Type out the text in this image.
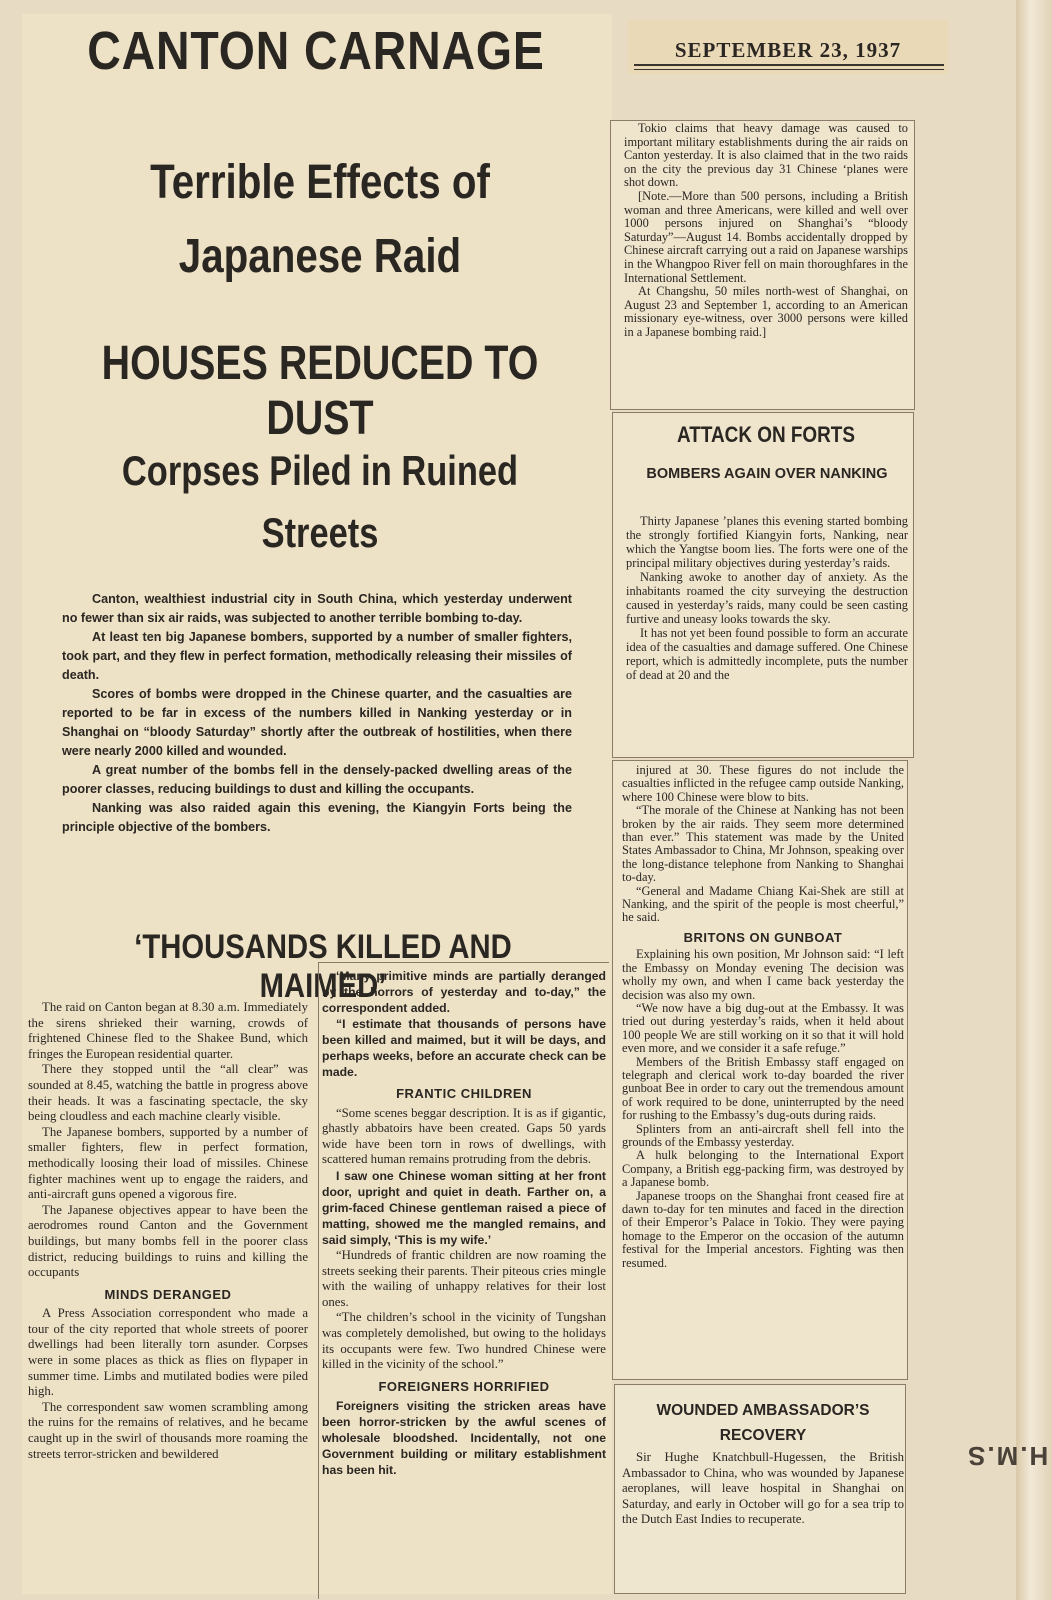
H.M.S
CANTON CARNAGE	SEPTEMBER 23, 1937
Terrible Effects of Japanese Raid
HOUSES REDUCED TO DUST
Corpses Piled in Ruined Streets

Canton, wealthiest industrial city in South China, which yesterday underwent no fewer than six air raids, was subjected to another terrible bombing to-day.

At least ten big Japanese bombers, supported by a number of smaller fighters, took part, and they flew in perfect formation, methodically releasing their missiles of death.

Scores of bombs were dropped in the Chinese quarter, and the casualties are reported to be far in excess of the numbers killed in Nanking yesterday or in Shanghai on “bloody Saturday” shortly after the outbreak of hostilities, when there were nearly 2000 killed and wounded.

A great number of the bombs fell in the densely-packed dwelling areas of the poorer classes, reducing buildings to dust and killing the occupants.

Nanking was also raided again this evening, the Kiangyin Forts being the principle objective of the bombers.

‘THOUSANDS KILLED AND MAIMED’

The raid on Canton began at 8.30 a.m. Immediately the sirens shrieked their warning, crowds of frightened Chinese fled to the Shakee Bund, which fringes the European residential quarter.

There they stopped until the “all clear” was sounded at 8.45, watching the battle in progress above their heads. It was a fascinating spectacle, the sky being cloudless and each machine clearly visible.

The Japanese bombers, supported by a number of smaller fighters, flew in perfect formation, methodically loosing their load of missiles. Chinese fighter machines went up to engage the raiders, and anti-aircraft guns opened a vigorous fire.

The Japanese objectives appear to have been the aerodromes round Canton and the Government buildings, but many bombs fell in the poorer class district, reducing buildings to ruins and killing the occupants

MINDS DERANGED

A Press Association correspondent who made a tour of the city reported that whole streets of poorer dwellings had been literally torn asunder. Corpses were in some places as thick as flies on flypaper in summer time. Limbs and mutilated bodies were piled high.

The correspondent saw women scrambling among the ruins for the remains of relatives, and he became caught up in the swirl of thousands more roaming the streets terror-stricken and bewildered

‘Many primitive minds are partially deranged by the horrors of yesterday and to-day,” the correspondent added.

“I estimate that thousands of persons have been killed and maimed, but it will be days, and perhaps weeks, before an accurate check can be made.

FRANTIC CHILDREN

“Some scenes beggar description. It is as if gigantic, ghastly abbatoirs have been created. Gaps 50 yards wide have been torn in rows of dwellings, with scattered human remains protruding from the debris.

I saw one Chinese woman sitting at her front door, upright and quiet in death. Farther on, a grim-faced Chinese gentleman raised a piece of matting, showed me the mangled remains, and said simply, ‘This is my wife.’

“Hundreds of frantic children are now roaming the streets seeking their parents. Their piteous cries mingle with the wailing of unhappy relatives for their lost ones.

“The children’s school in the vicinity of Tungshan was completely demolished, but owing to the holidays its occupants were few. Two hundred Chinese were killed in the vicinity of the school.”

FOREIGNERS HORRIFIED

Foreigners visiting the stricken areas have been horror-stricken by the awful scenes of wholesale bloodshed. Incidentally, not one Government building or military establishment has been hit.

Tokio claims that heavy damage was caused to important military establishments during the air raids on Canton yesterday. It is also claimed that in the two raids on the city the previous day 31 Chinese ‘planes were shot down.

[Note.—More than 500 persons, including a British woman and three Americans, were killed and well over 1000 persons injured on Shanghai’s “bloody Saturday”—August 14. Bombs accidentally dropped by Chinese aircraft carrying out a raid on Japanese warships in the Whangpoo River fell on main thoroughfares in the International Settlement.

At Changshu, 50 miles north-west of Shanghai, on August 23 and September 1, according to an American missionary eye-witness, over 3000 persons were killed in a Japanese bombing raid.]

ATTACK ON FORTS
BOMBERS AGAIN OVER NANKING

Thirty Japanese ’planes this evening started bombing the strongly fortified Kiangyin forts, Nanking, near which the Yangtse boom lies. The forts were one of the principal military objectives during yesterday’s raids.

Nanking awoke to another day of anxiety. As the inhabitants roamed the city surveying the destruction caused in yesterday’s raids, many could be seen casting furtive and uneasy looks towards the sky.

It has not yet been found possible to form an accurate idea of the casualties and damage suffered. One Chinese report, which is admittedly incomplete, puts the number of dead at 20 and the

injured at 30. These figures do not include the casualties inflicted in the refugee camp outside Nanking, where 100 Chinese were blow to bits.

“The morale of the Chinese at Nanking has not been broken by the air raids. They seem more determined than ever.” This statement was made by the United States Ambassador to China, Mr Johnson, speaking over the long-distance telephone from Nanking to Shanghai to-day.

“General and Madame Chiang Kai-Shek are still at Nanking, and the spirit of the people is most cheerful,” he said.

BRITONS ON GUNBOAT

Explaining his own position, Mr Johnson said: “I left the Embassy on Monday evening The decision was wholly my own, and when I came back yesterday the decision was also my own.

“We now have a big dug-out at the Embassy. It was tried out during yesterday’s raids, when it held about 100 people We are still working on it so that it will hold even more, and we consider it a safe refuge.”

Members of the British Embassy staff engaged on telegraph and clerical work to-day boarded the river gunboat Bee in order to cary out the tremendous amount of work required to be done, uninterrupted by the need for rushing to the Embassy’s dug-outs during raids.

Splinters from an anti-aircraft shell fell into the grounds of the Embassy yesterday.

A hulk belonging to the International Export Company, a British egg-packing firm, was destroyed by a Japanese bomb.

Japanese troops on the Shanghai front ceased fire at dawn to-day for ten minutes and faced in the direction of their Emperor’s Palace in Tokio. They were paying homage to the Emperor on the occasion of the autumn festival for the Imperial ancestors. Fighting was then resumed.

WOUNDED AMBASSADOR’S RECOVERY

Sir Hughe Knatchbull-Hugessen, the British Ambassador to China, who was wounded by Japanese aeroplanes, will leave hospital in Shanghai on Saturday, and early in October will go for a sea trip to the Dutch East Indies to recuperate.
